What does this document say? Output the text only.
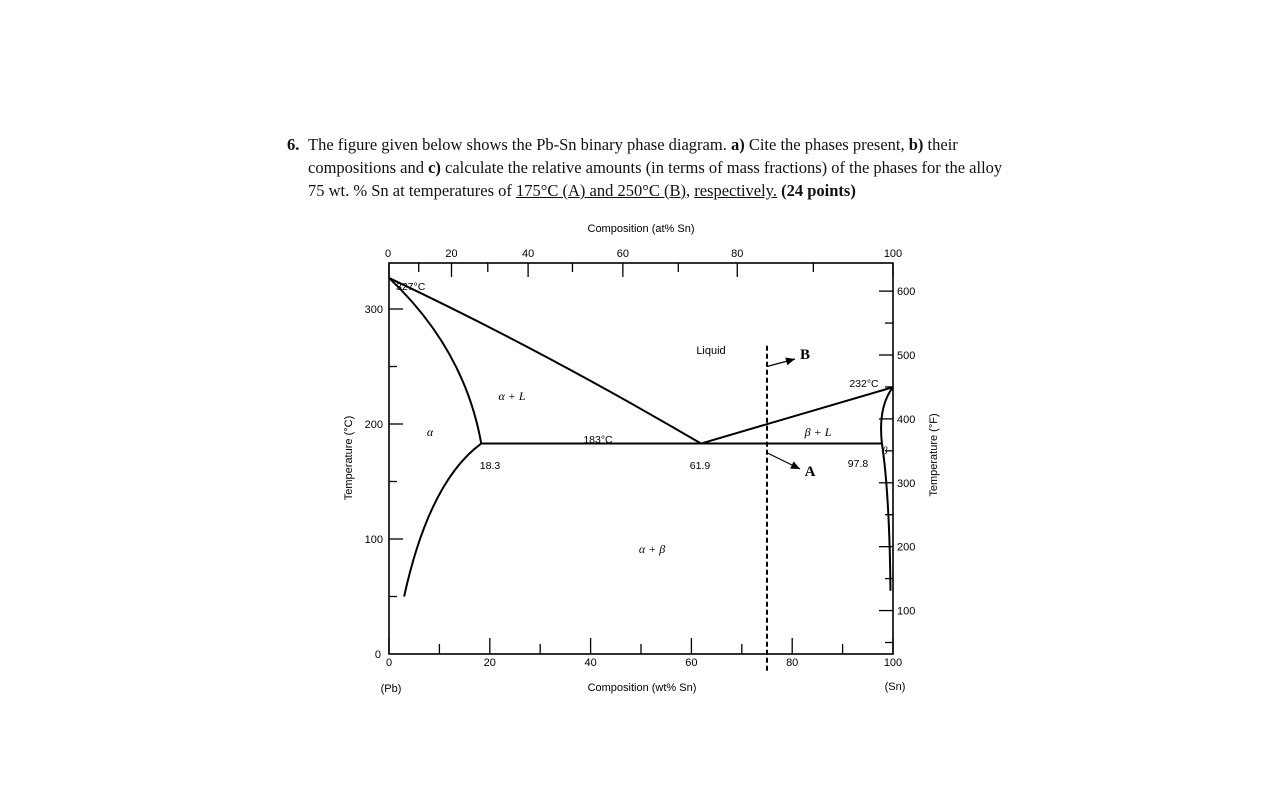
6. The figure given below shows the Pb-Sn binary phase diagram. a) Cite the phases present, b) their compositions and c) calculate the relative amounts (in terms of mass fractions) of the phases for the alloy 75 wt. % Sn at temperatures of 175°C (A) and 250°C (B), respectively. (24 points)
0	20	40	60	80	100
0	20	40	60	80	100
0
100
200
300
100
200
300
400
500
600
Composition (at% Sn)
Composition (wt% Sn)
Temperature (°C)	Temperature (°F)
(Pb)	(Sn)
Liquid
α
α + L
β + L
α + β
β
327°C
232°C
183°C
18.3	61.9	97.8
A
B
